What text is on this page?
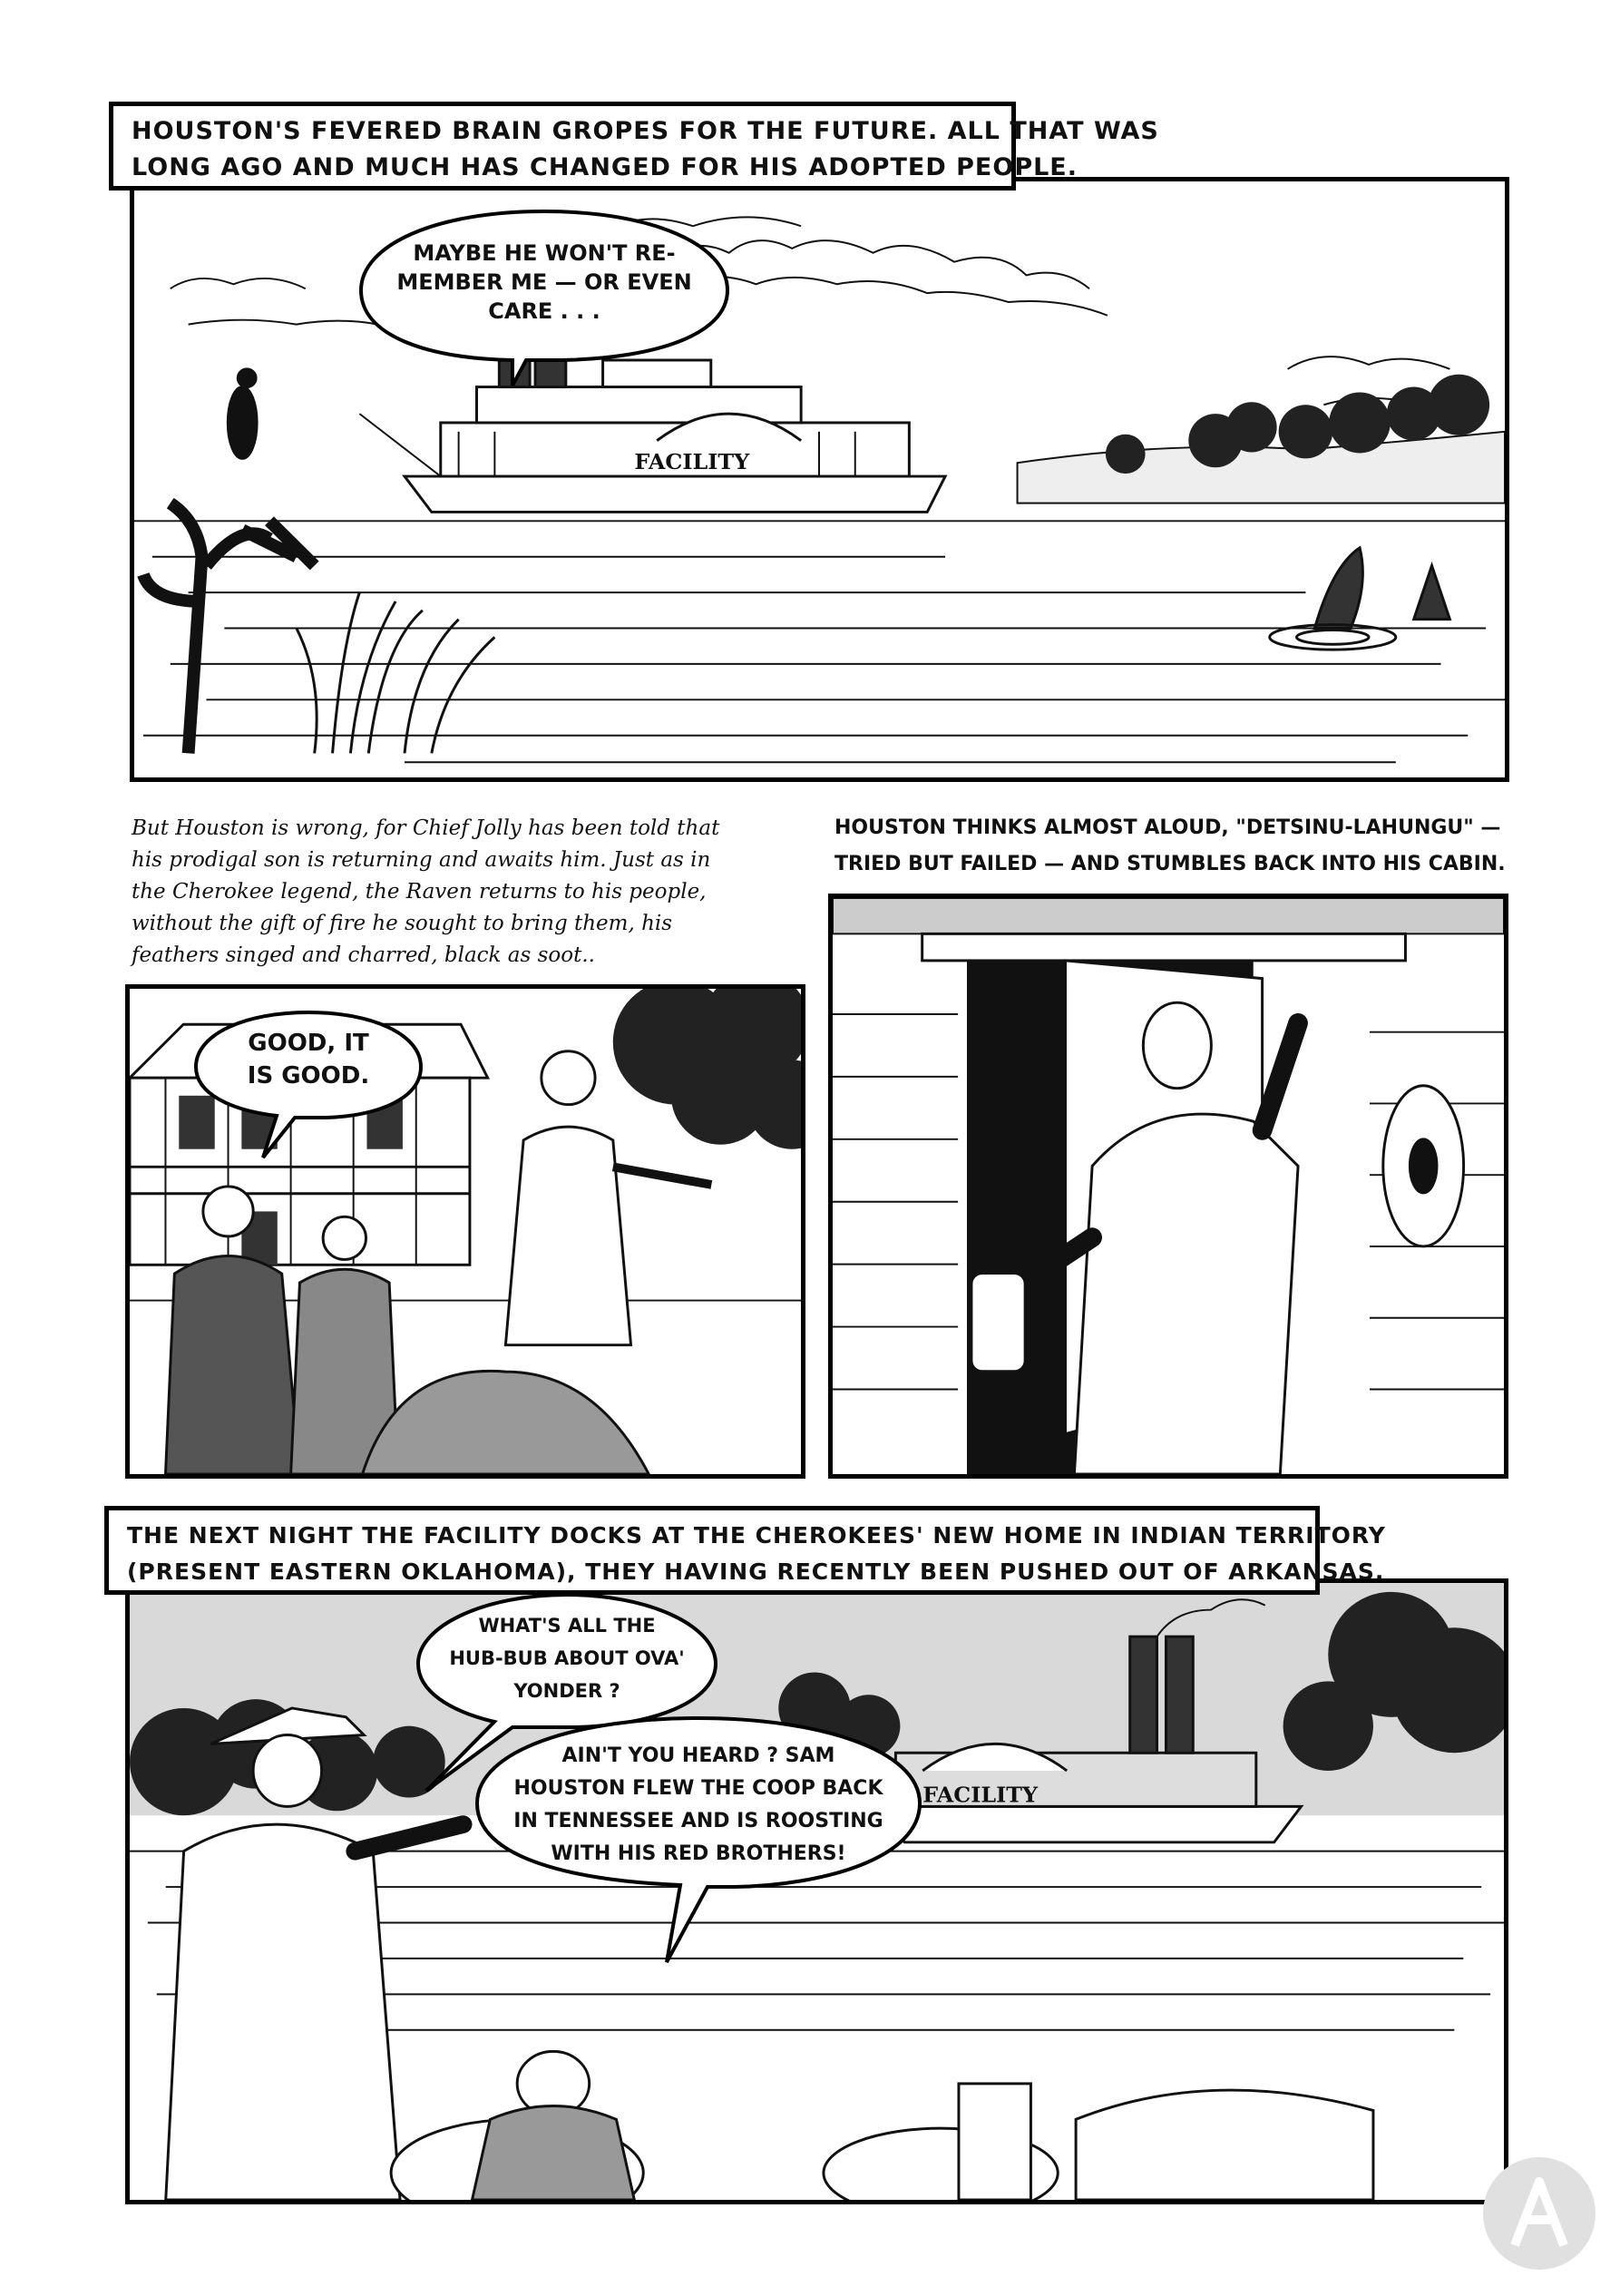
FACILITY
HOUSTON'S FEVERED BRAIN GROPES FOR THE FUTURE. ALL THAT WAS
LONG AGO AND MUCH HAS CHANGED FOR HIS ADOPTED PEOPLE.
MAYBE HE WON'T RE-
MEMBER ME — OR EVEN
CARE . . .
But Houston is wrong, for Chief Jolly has been told that
his prodigal son is returning and awaits him. Just as in
the Cherokee legend, the Raven returns to his people,
without the gift of fire he sought to bring them, his
feathers singed and charred, black as soot..
HOUSTON THINKS ALMOST ALOUD, "DETSINU-LAHUNGU" —
TRIED BUT FAILED — AND STUMBLES BACK INTO HIS CABIN.
GOOD, IT
IS GOOD.
FACILITY
THE NEXT NIGHT THE FACILITY DOCKS AT THE CHEROKEES' NEW HOME IN INDIAN TERRITORY
(PRESENT EASTERN OKLAHOMA), THEY HAVING RECENTLY BEEN PUSHED OUT OF ARKANSAS.
WHAT'S ALL THE
HUB-BUB ABOUT OVA'
YONDER ?
AIN'T YOU HEARD ? SAM
HOUSTON FLEW THE COOP BACK
IN TENNESSEE AND IS ROOSTING
WITH HIS RED BROTHERS!
